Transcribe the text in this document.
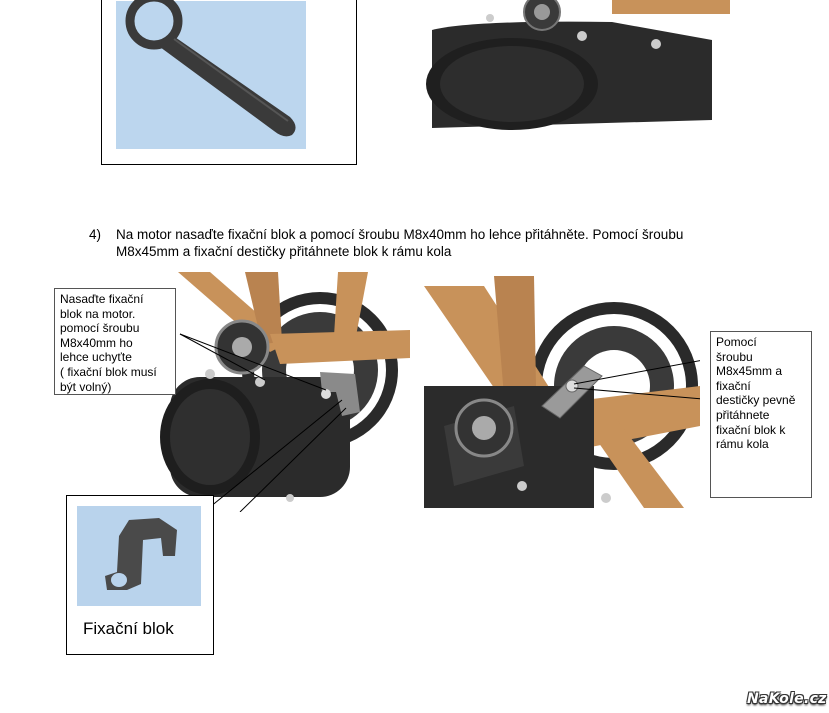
4) Na motor nasaďte fixační blok a pomocí šroubu M8x40mm ho lehce přitáhněte. Pomocí šroubu
M8x45mm a fixační destičky přitáhnete blok k rámu kola
Nasaďte fixační
blok na motor.
pomocí šroubu
M8x40mm ho
lehce uchyťte
( fixační blok musí
být volný)
Fixační blok
Pomocí
šroubu
M8x45mm a
fixační
destičky pevně
přitáhnete
fixační blok k
rámu kola
NaKole.cz
